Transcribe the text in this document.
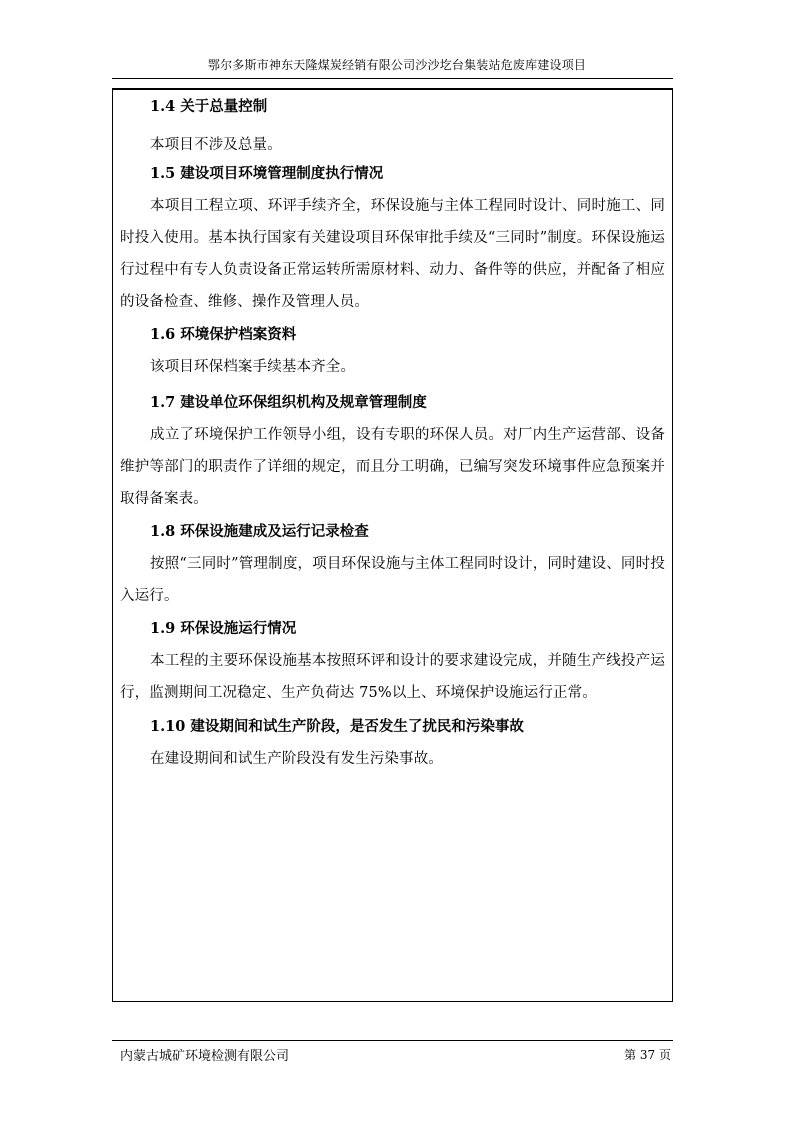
鄂尔多斯市神东天隆煤炭经销有限公司沙沙圪台集装站危废库建设项目
1.4 关于总量控制
本项目不涉及总量。
1.5 建设项目环境管理制度执行情况
本项目工程立项、环评手续齐全，环保设施与主体工程同时设计、同时施工、同时投入使用。基本执行国家有关建设项目环保审批手续及“三同时”制度。环保设施运行过程中有专人负责设备正常运转所需原材料、动力、备件等的供应，并配备了相应的设备检查、维修、操作及管理人员。
1.6 环境保护档案资料
该项目环保档案手续基本齐全。
1.7 建设单位环保组织机构及规章管理制度
成立了环境保护工作领导小组，设有专职的环保人员。对厂内生产运营部、设备维护等部门的职责作了详细的规定，而且分工明确，已编写突发环境事件应急预案并取得备案表。
1.8 环保设施建成及运行记录检查
按照“三同时”管理制度，项目环保设施与主体工程同时设计，同时建设、同时投入运行。
1.9 环保设施运行情况
本工程的主要环保设施基本按照环评和设计的要求建设完成，并随生产线投产运行，监测期间工况稳定、生产负荷达 75%以上、环境保护设施运行正常。
1.10 建设期间和试生产阶段，是否发生了扰民和污染事故
在建设期间和试生产阶段没有发生污染事故。
内蒙古城矿环境检测有限公司	第 37 页
